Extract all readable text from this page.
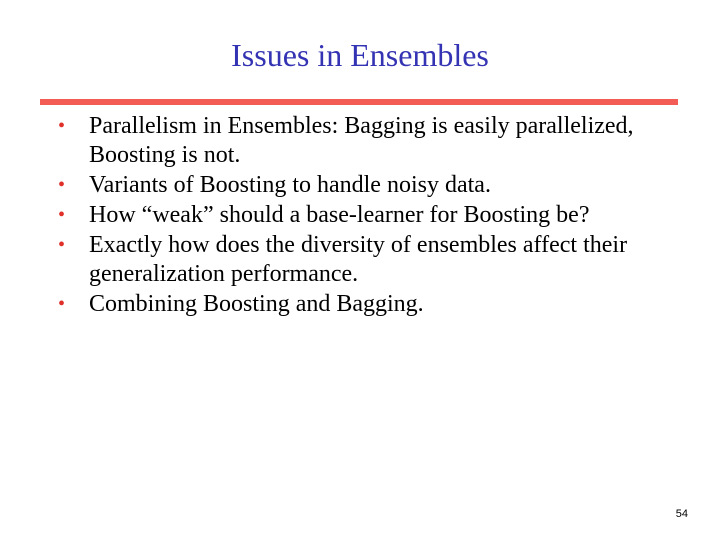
Issues in Ensembles
• Parallelism in Ensembles: Bagging is easily parallelized, Boosting is not.
• Variants of Boosting to handle noisy data.
• How “weak” should a base-learner for Boosting be?
• Exactly how does the diversity of ensembles affect their generalization performance.
• Combining Boosting and Bagging.
54
